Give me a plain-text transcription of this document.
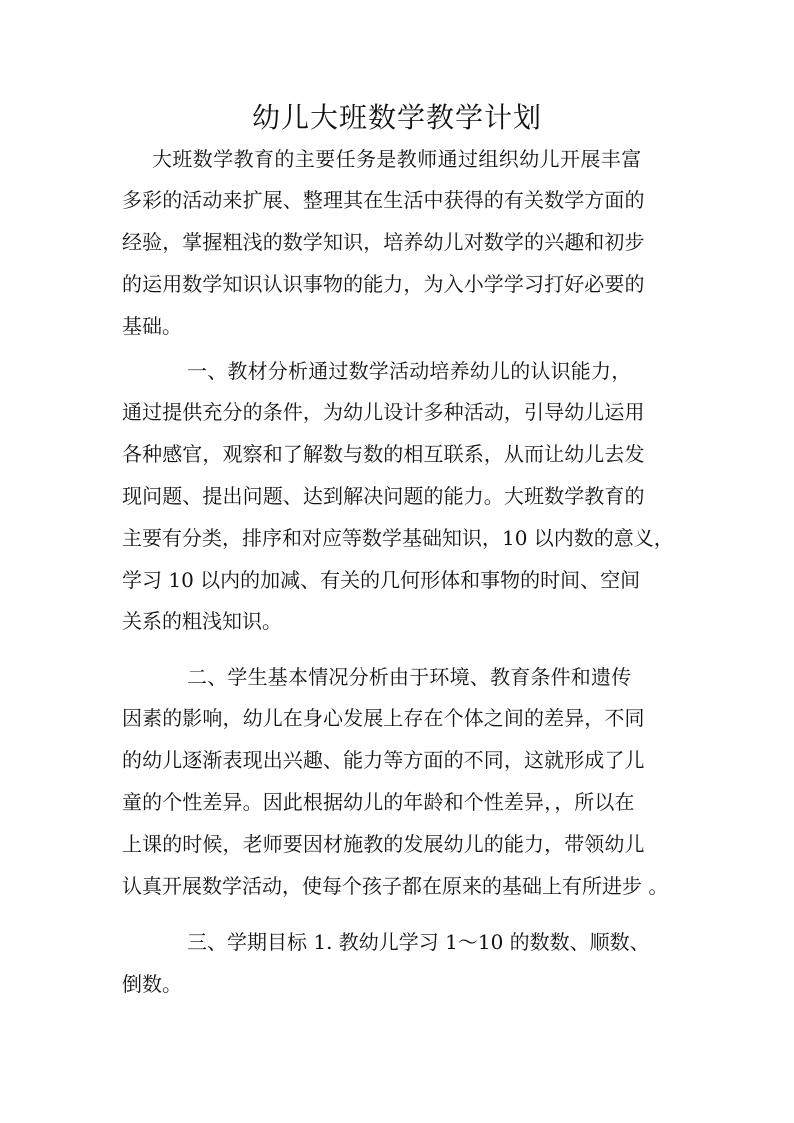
幼儿大班数学教学计划

大班数学教育的主要任务是教师通过组织幼儿开展丰富

多彩的活动来扩展、整理其在生活中获得的有关数学方面的

经验，掌握粗浅的数学知识，培养幼儿对数学的兴趣和初步

的运用数学知识认识事物的能力，为入小学学习打好必要的

基础。

一、教材分析通过数学活动培养幼儿的认识能力，

通过提供充分的条件，为幼儿设计多种活动，引导幼儿运用

各种感官，观察和了解数与数的相互联系，从而让幼儿去发

现问题、提出问题、达到解决问题的能力。大班数学教育的

主要有分类，排序和对应等数学基础知识，10 以内数的意义，

学习 10 以内的加减、有关的几何形体和事物的时间、空间

关系的粗浅知识。

二、学生基本情况分析由于环境、教育条件和遗传

因素的影响，幼儿在身心发展上存在个体之间的差异，不同

的幼儿逐渐表现出兴趣、能力等方面的不同，这就形成了儿

童的个性差异。因此根据幼儿的年龄和个性差异，，所以在

上课的时候，老师要因材施教的发展幼儿的能力，带领幼儿

认真开展数学活动，使每个孩子都在原来的基础上有所进步 。

三、学期目标 1. 教幼儿学习 1～10 的数数、顺数、

倒数。
